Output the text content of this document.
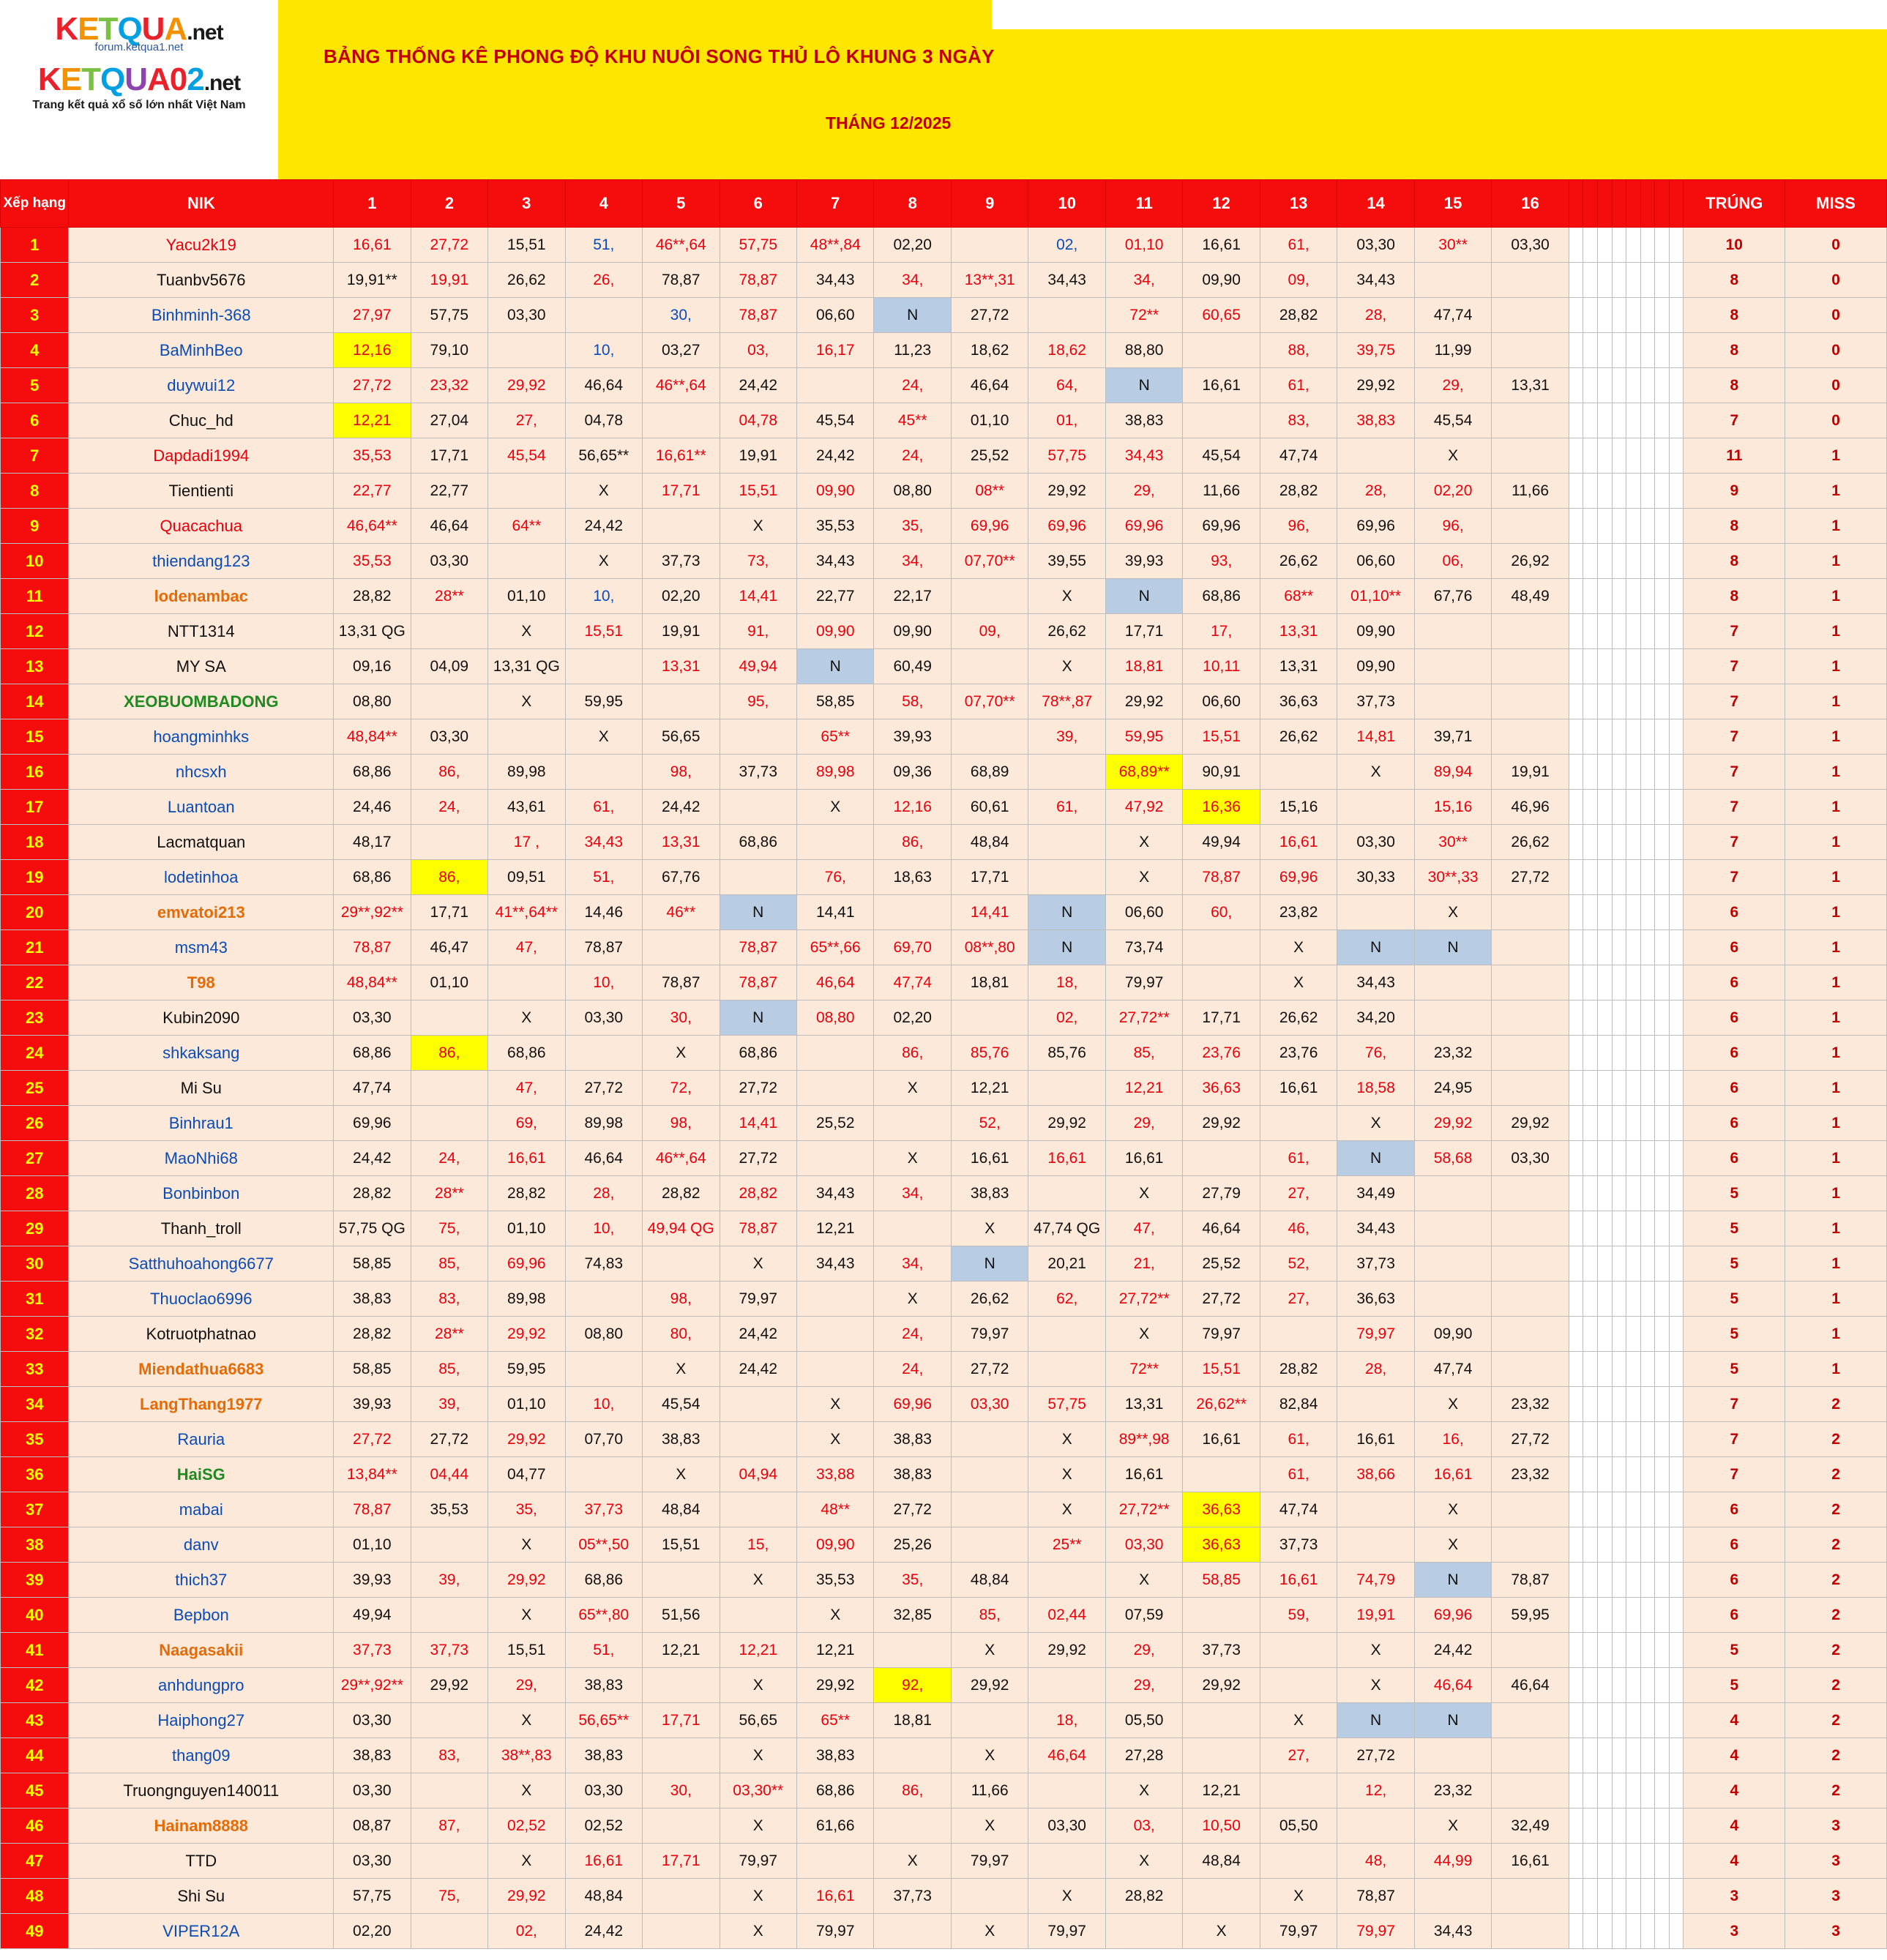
KETQUA.net
forum.ketqua1.net
KETQUA02.net
Trang kết quả xổ số lớn nhất Việt Nam
BẢNG THỐNG KÊ PHONG ĐỘ KHU NUÔI SONG THỦ LÔ KHUNG 3 NGÀY
THÁNG 12/2025
Xếp hạng	NIK	1	2	3	4	5	6	7	8	9	10	11	12	13	14	15	16									TRÚNG	MISS
1	Yacu2k19	16,61	27,72	15,51	51,	46**,64	57,75	48**,84	02,20		02,	01,10	16,61	61,	03,30	30**	03,30									10	0
2	Tuanbv5676	19,91**	19,91	26,62	26,	78,87	78,87	34,43	34,	13**,31	34,43	34,	09,90	09,	34,43											8	0
3	Binhminh-368	27,97	57,75	03,30		30,	78,87	06,60	N	27,72		72**	60,65	28,82	28,	47,74										8	0
4	BaMinhBeo	12,16	79,10		10,	03,27	03,	16,17	11,23	18,62	18,62	88,80		88,	39,75	11,99										8	0
5	duywui12	27,72	23,32	29,92	46,64	46**,64	24,42		24,	46,64	64,	N	16,61	61,	29,92	29,	13,31									8	0
6	Chuc_hd	12,21	27,04	27,	04,78		04,78	45,54	45**	01,10	01,	38,83		83,	38,83	45,54										7	0
7	Dapdadi1994	35,53	17,71	45,54	56,65**	16,61**	19,91	24,42	24,	25,52	57,75	34,43	45,54	47,74		X										11	1
8	Tientienti	22,77	22,77		X	17,71	15,51	09,90	08,80	08**	29,92	29,	11,66	28,82	28,	02,20	11,66									9	1
9	Quacachua	46,64**	46,64	64**	24,42		X	35,53	35,	69,96	69,96	69,96	69,96	96,	69,96	96,										8	1
10	thiendang123	35,53	03,30		X	37,73	73,	34,43	34,	07,70**	39,55	39,93	93,	26,62	06,60	06,	26,92									8	1
11	lodenambac	28,82	28**	01,10	10,	02,20	14,41	22,77	22,17		X	N	68,86	68**	01,10**	67,76	48,49									8	1
12	NTT1314	13,31 QG		X	15,51	19,91	91,	09,90	09,90	09,	26,62	17,71	17,	13,31	09,90											7	1
13	MY SA	09,16	04,09	13,31 QG		13,31	49,94	N	60,49		X	18,81	10,11	13,31	09,90											7	1
14	XEOBUOMBADONG	08,80		X	59,95		95,	58,85	58,	07,70**	78**,87	29,92	06,60	36,63	37,73											7	1
15	hoangminhks	48,84**	03,30		X	56,65		65**	39,93		39,	59,95	15,51	26,62	14,81	39,71										7	1
16	nhcsxh	68,86	86,	89,98		98,	37,73	89,98	09,36	68,89		68,89**	90,91		X	89,94	19,91									7	1
17	Luantoan	24,46	24,	43,61	61,	24,42		X	12,16	60,61	61,	47,92	16,36	15,16		15,16	46,96									7	1
18	Lacmatquan	48,17		17 ,	34,43	13,31	68,86		86,	48,84		X	49,94	16,61	03,30	30**	26,62									7	1
19	lodetinhoa	68,86	86,	09,51	51,	67,76		76,	18,63	17,71		X	78,87	69,96	30,33	30**,33	27,72									7	1
20	emvatoi213	29**,92**	17,71	41**,64**	14,46	46**	N	14,41		14,41	N	06,60	60,	23,82		X										6	1
21	msm43	78,87	46,47	47,	78,87		78,87	65**,66	69,70	08**,80	N	73,74		X	N	N										6	1
22	T98	48,84**	01,10		10,	78,87	78,87	46,64	47,74	18,81	18,	79,97		X	34,43											6	1
23	Kubin2090	03,30		X	03,30	30,	N	08,80	02,20		02,	27,72**	17,71	26,62	34,20											6	1
24	shkaksang	68,86	86,	68,86		X	68,86		86,	85,76	85,76	85,	23,76	23,76	76,	23,32										6	1
25	Mi Su	47,74		47,	27,72	72,	27,72		X	12,21		12,21	36,63	16,61	18,58	24,95										6	1
26	Binhrau1	69,96		69,	89,98	98,	14,41	25,52		52,	29,92	29,	29,92		X	29,92	29,92									6	1
27	MaoNhi68	24,42	24,	16,61	46,64	46**,64	27,72		X	16,61	16,61	16,61		61,	N	58,68	03,30									6	1
28	Bonbinbon	28,82	28**	28,82	28,	28,82	28,82	34,43	34,	38,83		X	27,79	27,	34,49											5	1
29	Thanh_troll	57,75 QG	75,	01,10	10,	49,94 QG	78,87	12,21		X	47,74 QG	47,	46,64	46,	34,43											5	1
30	Satthuhoahong6677	58,85	85,	69,96	74,83		X	34,43	34,	N	20,21	21,	25,52	52,	37,73											5	1
31	Thuoclao6996	38,83	83,	89,98		98,	79,97		X	26,62	62,	27,72**	27,72	27,	36,63											5	1
32	Kotruotphatnao	28,82	28**	29,92	08,80	80,	24,42		24,	79,97		X	79,97		79,97	09,90										5	1
33	Miendathua6683	58,85	85,	59,95		X	24,42		24,	27,72		72**	15,51	28,82	28,	47,74										5	1
34	LangThang1977	39,93	39,	01,10	10,	45,54		X	69,96	03,30	57,75	13,31	26,62**	82,84		X	23,32									7	2
35	Rauria	27,72	27,72	29,92	07,70	38,83		X	38,83		X	89**,98	16,61	61,	16,61	16,	27,72									7	2
36	HaiSG	13,84**	04,44	04,77		X	04,94	33,88	38,83		X	16,61		61,	38,66	16,61	23,32									7	2
37	mabai	78,87	35,53	35,	37,73	48,84		48**	27,72		X	27,72**	36,63	47,74		X										6	2
38	danv	01,10		X	05**,50	15,51	15,	09,90	25,26		25**	03,30	36,63	37,73		X										6	2
39	thich37	39,93	39,	29,92	68,86		X	35,53	35,	48,84		X	58,85	16,61	74,79	N	78,87									6	2
40	Bepbon	49,94		X	65**,80	51,56		X	32,85	85,	02,44	07,59		59,	19,91	69,96	59,95									6	2
41	Naagasakii	37,73	37,73	15,51	51,	12,21	12,21	12,21		X	29,92	29,	37,73		X	24,42										5	2
42	anhdungpro	29**,92**	29,92	29,	38,83		X	29,92	92,	29,92		29,	29,92		X	46,64	46,64									5	2
43	Haiphong27	03,30		X	56,65**	17,71	56,65	65**	18,81		18,	05,50		X	N	N										4	2
44	thang09	38,83	83,	38**,83	38,83		X	38,83		X	46,64	27,28		27,	27,72											4	2
45	Truongnguyen140011	03,30		X	03,30	30,	03,30**	68,86	86,	11,66		X	12,21		12,	23,32										4	2
46	Hainam8888	08,87	87,	02,52	02,52		X	61,66		X	03,30	03,	10,50	05,50		X	32,49									4	3
47	TTD	03,30		X	16,61	17,71	79,97		X	79,97		X	48,84		48,	44,99	16,61									4	3
48	Shi Su	57,75	75,	29,92	48,84		X	16,61	37,73		X	28,82		X	78,87											3	3
49	VIPER12A	02,20		02,	24,42		X	79,97		X	79,97		X	79,97	79,97	34,43										3	3
